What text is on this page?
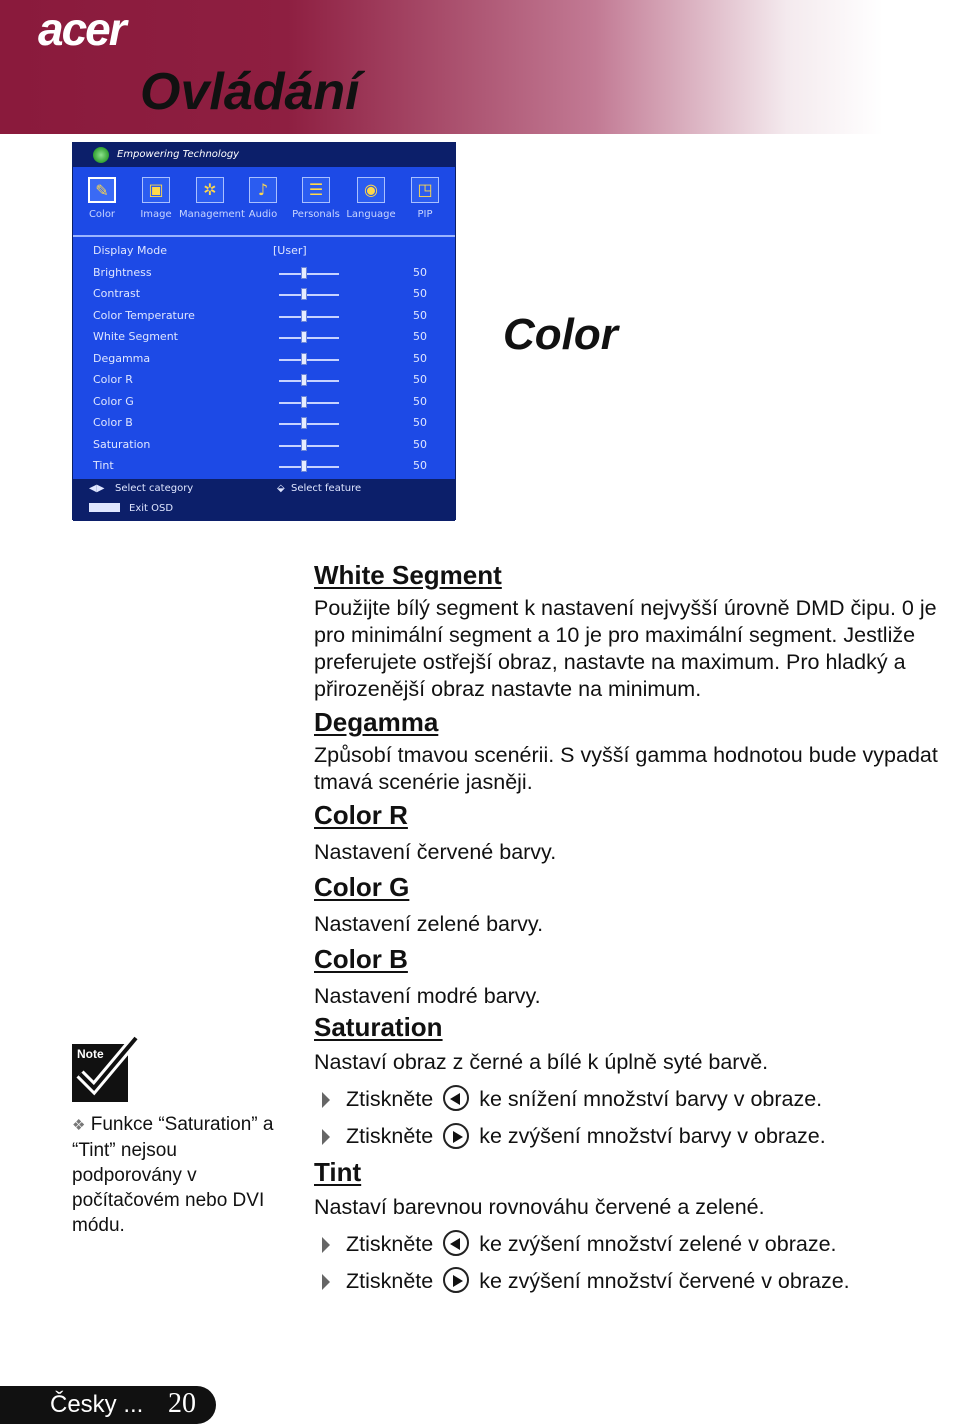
acer
Ovládání
Empowering Technology
✎
Color
▣
Image
✲
Management
♪
Audio
☰
Personals
◉
Language
◳
PIP
Display Mode	[User]
Brightness	50
Contrast	50
Color Temperature	50
White Segment	50
Degamma	50
Color R	50
Color G	50
Color B	50
Saturation	50
Tint	50
◀▶ Select category	⬙ Select feature
MENU Exit OSD
Color
White Segment
Použijte bílý segment k nastavení nejvyšší úrovně DMD čipu. 0 je pro minimální segment a 10 je pro maximální segment. Jestliže preferujete ostřejší obraz, nastavte na maximum. Pro hladký a přirozenější obraz nastavte na minimum.
Degamma
Způsobí tmavou scenérii. S vyšší gamma hodnotou bude vypadat tmavá scenérie jasněji.
Color R
Nastavení červené barvy.
Color G
Nastavení zelené barvy.
Color B
Nastavení modré barvy.
Saturation
Nastaví obraz z černé a bílé k úplně syté barvě.
Ztiskněte ke snížení množství barvy v obraze.
Ztiskněte ke zvýšení množství barvy v obraze.
Tint
Nastaví barevnou rovnováhu červené a zelené.
Ztiskněte ke zvýšení množství zelené v obraze.
Ztiskněte ke zvýšení množství červené v obraze.
Note
❖ Funkce “Saturation” a “Tint” nejsou podporovány v počítačovém nebo DVI módu.
Česky ... 20
